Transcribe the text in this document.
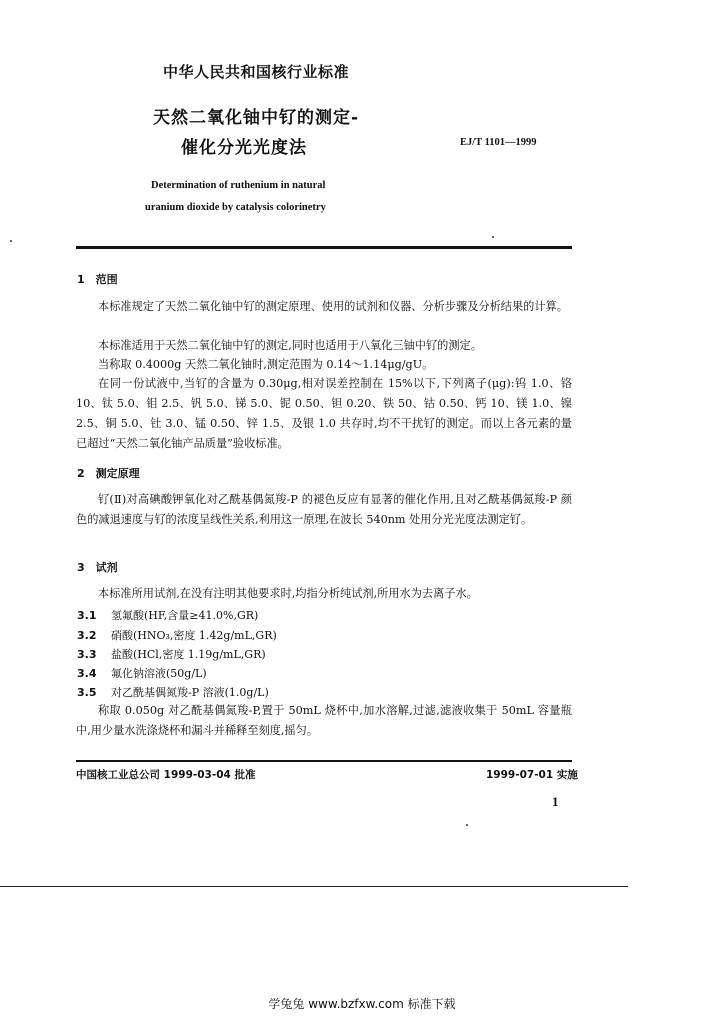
中华人民共和国核行业标准
天然二氧化铀中钌的测定-
催化分光光度法	EJ/T 1101—1999
Determination of ruthenium in natural
uranium dioxide by catalysis colorinetry
1　范围
本标准规定了天然二氧化铀中钌的测定原理、使用的试剂和仪器、分析步骤及分析结果的计算。
本标准适用于天然二氧化铀中钌的测定,同时也适用于八氧化三铀中钌的测定。
当称取 0.4000g 天然二氧化铀时,测定范围为 0.14～1.14μg/gU。
在同一份试液中,当钌的含量为 0.30μg,相对误差控制在 15%以下,下列离子(μg):钨 1.0、铬 10、钛 5.0、钼 2.5、钒 5.0、锑 5.0、铌 0.50、钽 0.20、铁 50、钴 0.50、钙 10、镁 1.0、镍 2.5、铜 5.0、钍 3.0、锰 0.50、锌 1.5、及银 1.0 共存时,均不干扰钌的测定。而以上各元素的量已超过“天然二氧化铀产品质量”验收标准。
2　测定原理
钌(Ⅱ)对高碘酸钾氧化对乙酰基偶氮羧-P 的褪色反应有显著的催化作用,且对乙酰基偶氮羧-P 颜色的减退速度与钌的浓度呈线性关系,利用这一原理,在波长 540nm 处用分光光度法测定钌。
3　试剂
本标准所用试剂,在没有注明其他要求时,均指分析纯试剂,所用水为去离子水。
3.1 氢氟酸(HF,含量≥41.0%,GR)
3.2 硝酸(HNO₃,密度 1.42g/mL,GR)
3.3 盐酸(HCl,密度 1.19g/mL,GR)
3.4 氟化钠溶液(50g/L)
3.5 对乙酰基偶氮羧-P 溶液(1.0g/L)
称取 0.050g 对乙酰基偶氮羧-P,置于 50mL 烧杯中,加水溶解,过滤,滤液收集于 50mL 容量瓶中,用少量水洗涤烧杯和漏斗并稀释至刻度,摇匀。
中国核工业总公司 1999-03-04 批准	1999-07-01 实施
1
学兔兔 www.bzfxw.com 标准下载
